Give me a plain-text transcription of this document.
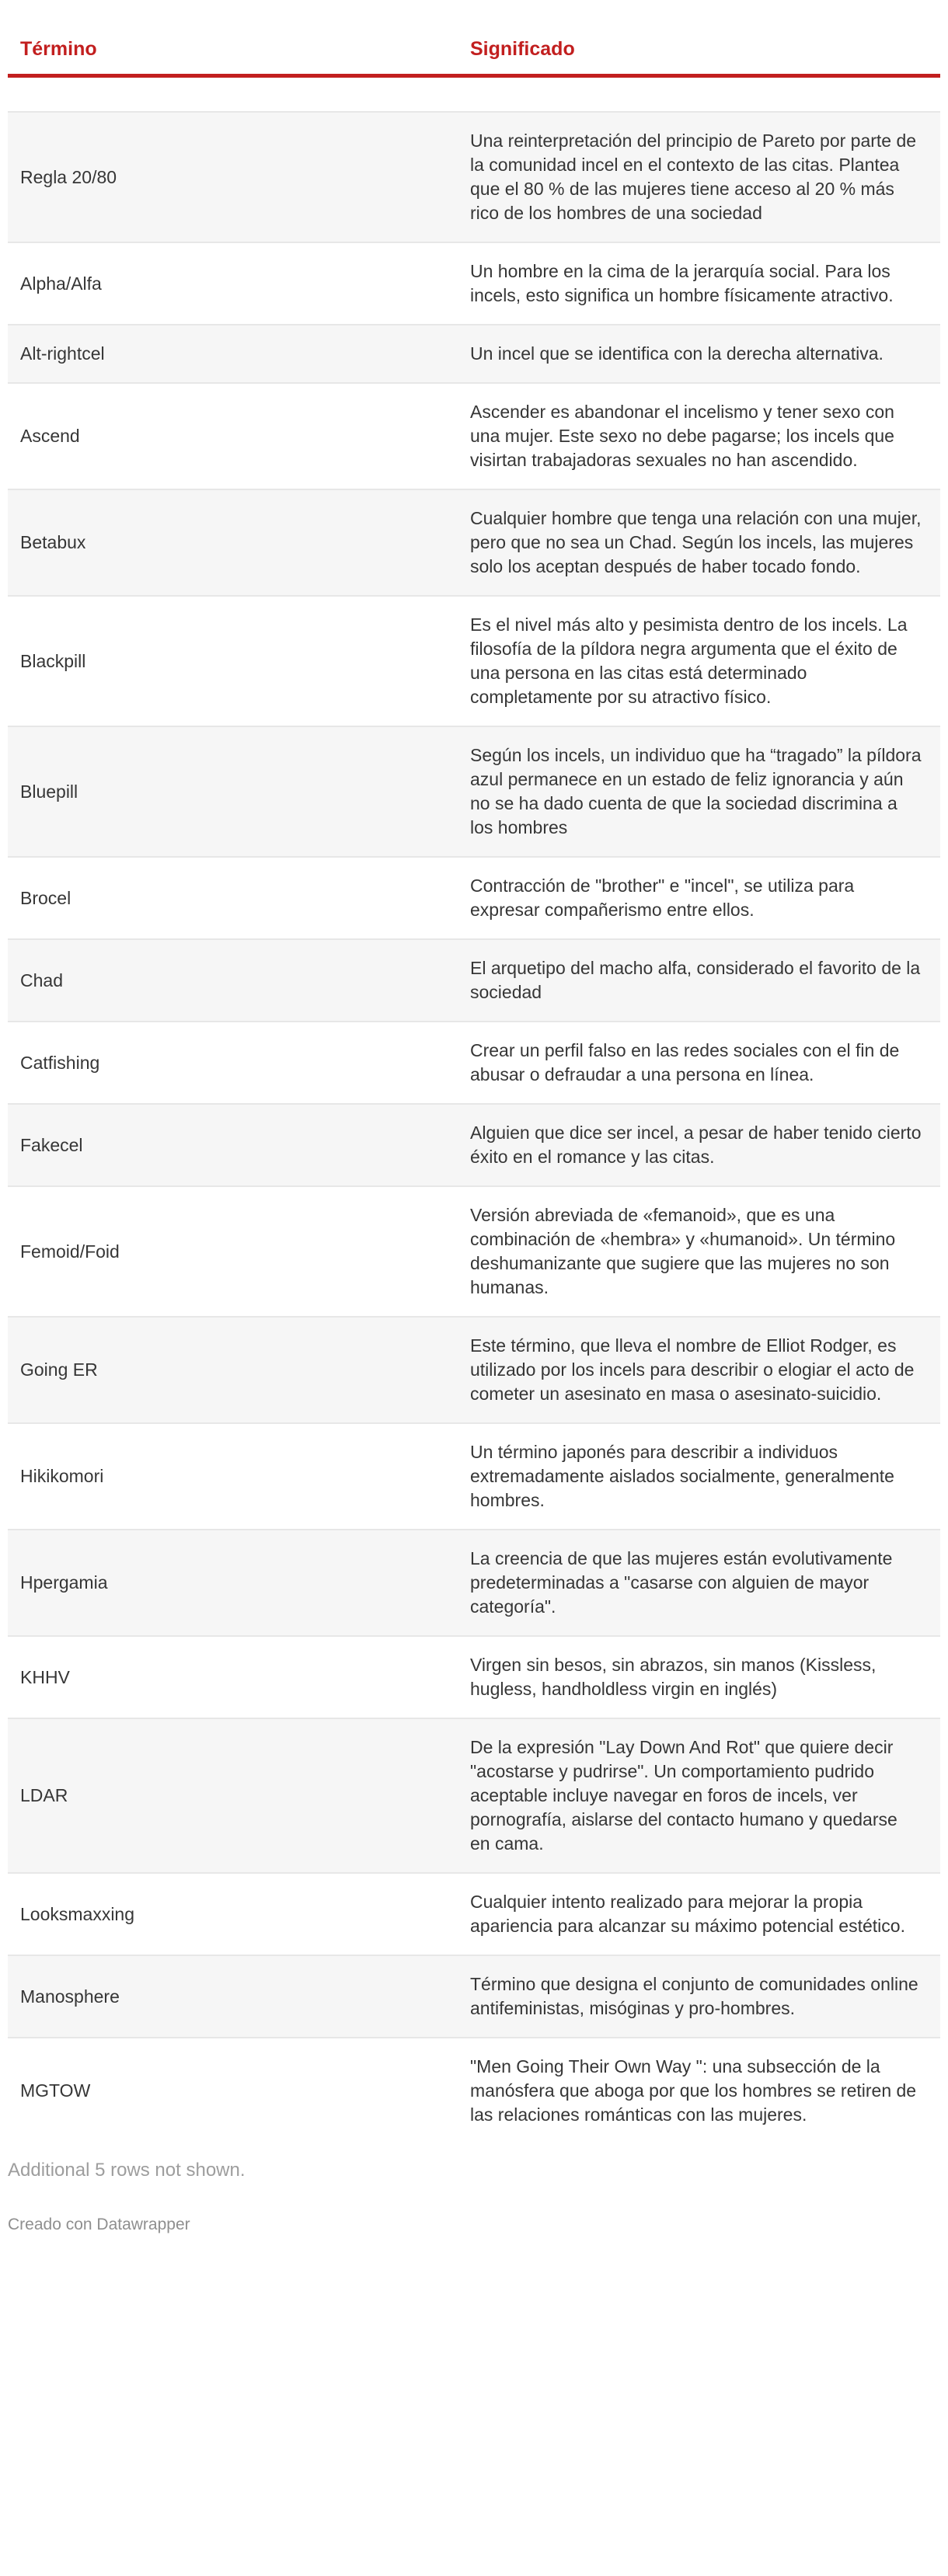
Término	Significado
Regla 20/80
Una reinterpretación del principio de Pareto por parte de la comunidad incel en el contexto de las citas. Plantea que el 80 % de las mujeres tiene acceso al 20 % más rico de los hombres de una sociedad
Alpha/Alfa
Un hombre en la cima de la jerarquía social. Para los incels, esto significa un hombre físicamente atractivo.
Alt-rightcel	Un incel que se identifica con la derecha alternativa.
Ascend
Ascender es abandonar el incelismo y tener sexo con una mujer. Este sexo no debe pagarse; los incels que visirtan trabajadoras sexuales no han ascendido.
Betabux
Cualquier hombre que tenga una relación con una mujer, pero que no sea un Chad. Según los incels, las mujeres solo los aceptan después de haber tocado fondo.
Blackpill
Es el nivel más alto y pesimista dentro de los incels. La filosofía de la píldora negra argumenta que el éxito de una persona en las citas está determinado completamente por su atractivo físico.
Bluepill
Según los incels, un individuo que ha “tragado” la píldora azul permanece en un estado de feliz ignorancia y aún no se ha dado cuenta de que la sociedad discrimina a los hombres
Brocel
Contracción de "brother" e "incel", se utiliza para expresar compañerismo entre ellos.
Chad
El arquetipo del macho alfa, considerado el favorito de la sociedad
Catfishing
Crear un perfil falso en las redes sociales con el fin de abusar o defraudar a una persona en línea.
Fakecel
Alguien que dice ser incel, a pesar de haber tenido cierto éxito en el romance y las citas.
Femoid/Foid
Versión abreviada de «femanoid», que es una combinación de «hembra» y «humanoid». Un término deshumanizante que sugiere que las mujeres no son humanas.
Going ER
Este término, que lleva el nombre de Elliot Rodger, es utilizado por los incels para describir o elogiar el acto de cometer un asesinato en masa o asesinato-suicidio.
Hikikomori
Un término japonés para describir a individuos extremadamente aislados socialmente, generalmente hombres.
Hpergamia
La creencia de que las mujeres están evolutivamente predeterminadas a "casarse con alguien de mayor categoría".
KHHV
Virgen sin besos, sin abrazos, sin manos (Kissless, hugless, handholdless virgin en inglés)
LDAR
De la expresión "Lay Down And Rot" que quiere decir "acostarse y pudrirse". Un comportamiento pudrido aceptable incluye navegar en foros de incels, ver pornografía, aislarse del contacto humano y quedarse en cama.
Looksmaxxing
Cualquier intento realizado para mejorar la propia apariencia para alcanzar su máximo potencial estético.
Manosphere
Término que designa el conjunto de comunidades online antifeministas, misóginas y pro-hombres.
MGTOW
"Men Going Their Own Way ": una subsección de la manósfera que aboga por que los hombres se retiren de las relaciones románticas con las mujeres.
Additional 5 rows not shown.
Creado con Datawrapper
